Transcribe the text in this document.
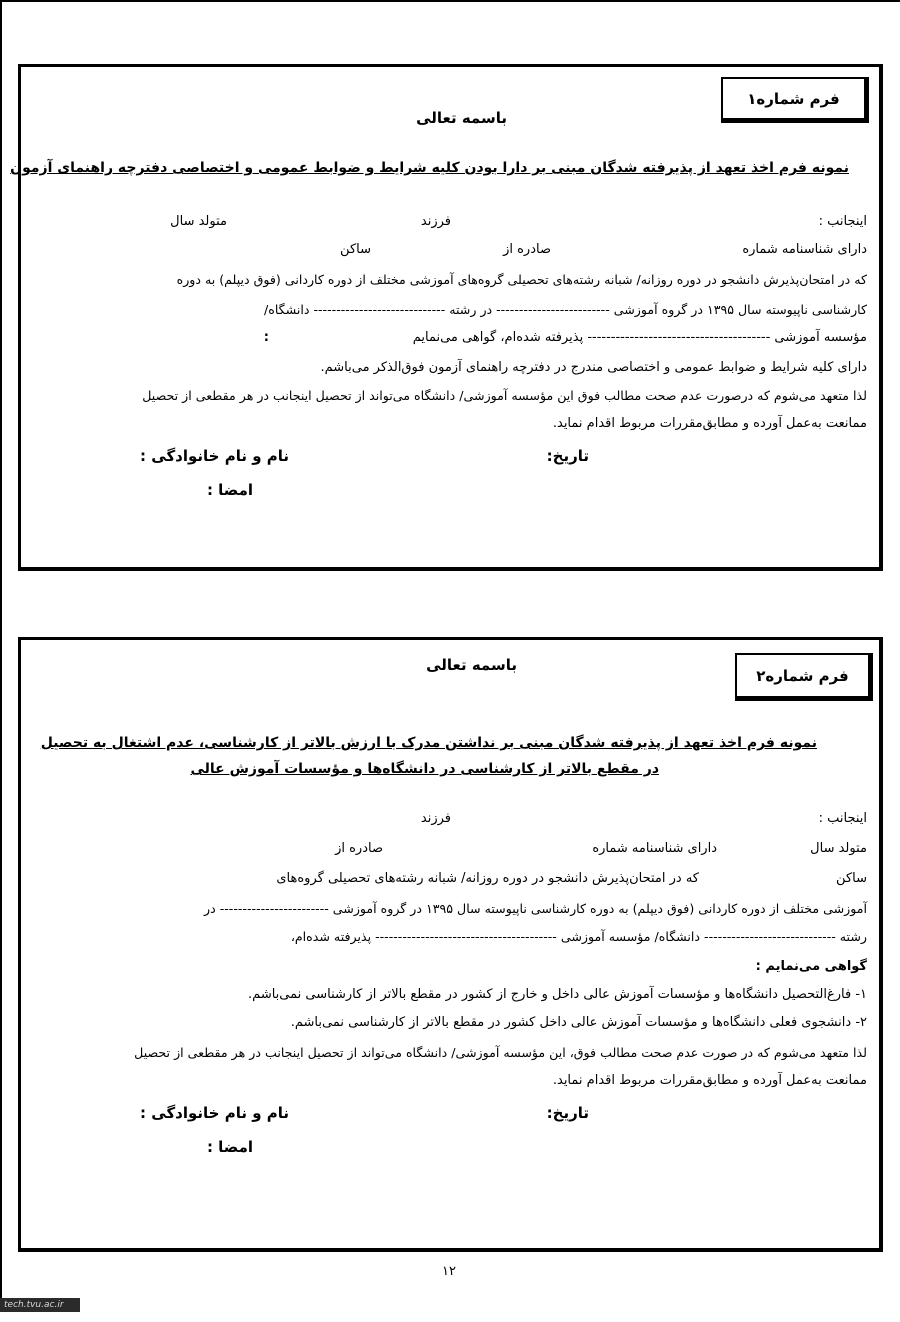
فرم شماره۱
باسمه تعالی
نمونه فرم اخذ تعهد از پذیرفته شدگان مبنی بر دارا بودن کلیه شرایط و ضوابط عمومی و اختصاصی دفترچه راهنمای آزمون
اینجانب :
فرزند
متولد سال
دارای شناسنامه شماره
صادره از
ساکن
که در امتحان‌پذیرش دانشجو در دوره روزانه/ شبانه رشته‌های تحصیلی گروه‌های آموزشی مختلف از دوره کاردانی (فوق دیپلم) به دوره
کارشناسی ناپیوسته سال ۱۳۹۵ در گروه آموزشی ------------------------- در رشته ----------------------------- دانشگاه/
مؤسسه آموزشی --------------------------------------- پذیرفته شده‌ام، گواهی می‌نمایم
:
دارای کلیه شرایط و ضوابط عمومی و اختصاصی مندرج در دفترچه راهنمای آزمون فوق‌الذکر می‌باشم.
لذا متعهد می‌شوم که درصورت عدم صحت مطالب فوق این مؤسسه آموزشی/ دانشگاه می‌تواند از تحصیل اینجانب در هر مقطعی از تحصیل
ممانعت به‌عمل آورده و مطابق‌مقررات مربوط اقدام نماید.
تاریخ:
نام و نام خانوادگی :
امضا :
فرم شماره۲
باسمه تعالی
نمونه فرم اخذ تعهد از پذیرفته شدگان مبنی بر نداشتن مدرک با ارزش بالاتر از کارشناسی، عدم اشتغال به تحصیل
در مقطع بالاتر از کارشناسی در دانشگاه‌ها و مؤسسات آموزش عالی
اینجانب :
فرزند
متولد سال
دارای شناسنامه شماره
صادره از
ساکن
که در امتحان‌پذیرش دانشجو در دوره روزانه/ شبانه رشته‌های تحصیلی گروه‌های
آموزشی مختلف از دوره کاردانی (فوق دیپلم) به دوره کارشناسی ناپیوسته سال ۱۳۹۵ در گروه آموزشی ------------------------ در
رشته ----------------------------- دانشگاه/ مؤسسه آموزشی ---------------------------------------- پذیرفته شده‌ام،
گواهی می‌نمایم :
۱- فارغ‌التحصیل دانشگاه‌ها و مؤسسات آموزش عالی داخل و خارج از کشور در مقطع بالاتر از کارشناسی نمی‌باشم.
۲- دانشجوی فعلی دانشگاه‌ها و مؤسسات آموزش عالی داخل کشور در مقطع بالاتر از کارشناسی نمی‌باشم.
لذا متعهد می‌شوم که در صورت عدم صحت مطالب فوق، این مؤسسه آموزشی/ دانشگاه می‌تواند از تحصیل اینجانب در هر مقطعی از تحصیل
ممانعت به‌عمل آورده و مطابق‌مقررات مربوط اقدام نماید.
تاریخ:
نام و نام خانوادگی :
امضا :
۱۲
tech.tvu.ac.ir
